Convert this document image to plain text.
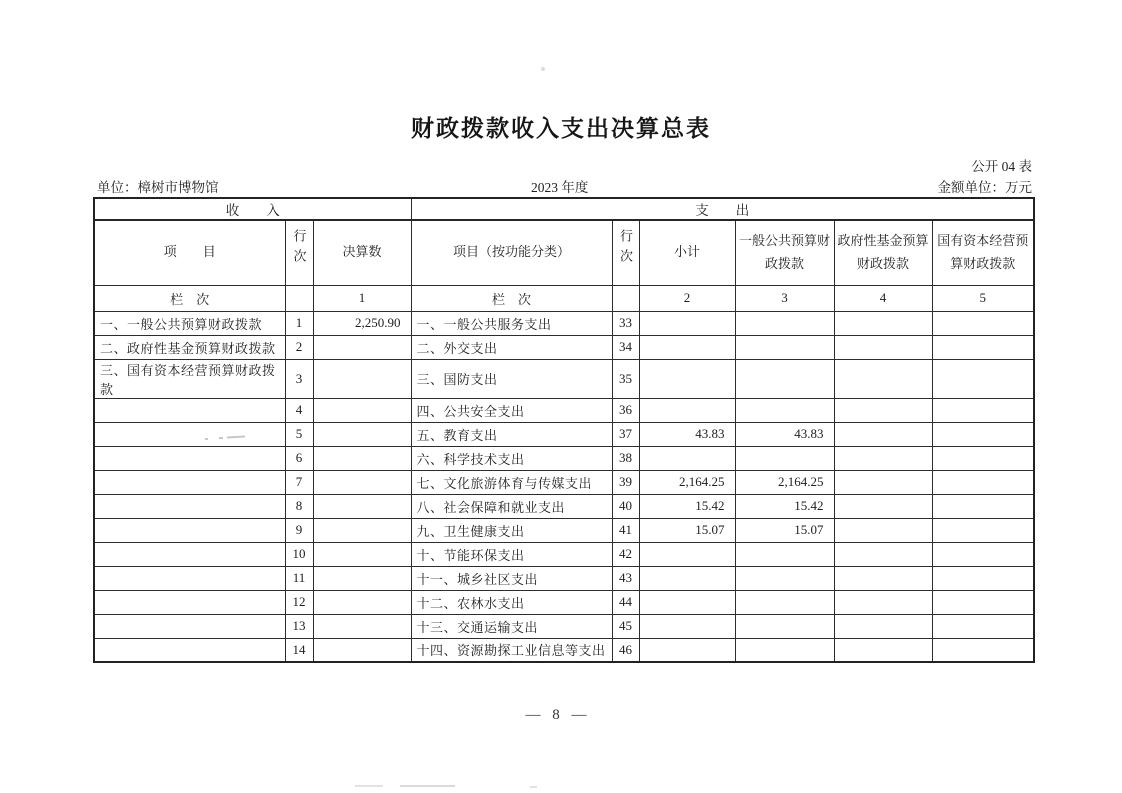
财政拨款收入支出决算总表
公开 04 表
单位：樟树市博物馆	2023 年度	金额单位：万元
收　　入			支　　出					
项　　目	行次	决算数	项目（按功能分类）	行次	小计	一般公共预算财政拨款	政府性基金预算财政拨款	国有资本经营预算财政拨款
栏　次		1	栏　次		2	3	4	5
一、一般公共预算财政拨款	1	2,250.90	一、一般公共服务支出	33				
二、政府性基金预算财政拨款	2		二、外交支出	34				
三、国有资本经营预算财政拨款	3		三、国防支出	35				
	4		四、公共安全支出	36				
	5		五、教育支出	37	43.83	43.83		
	6		六、科学技术支出	38				
	7		七、文化旅游体育与传媒支出	39	2,164.25	2,164.25		
	8		八、社会保障和就业支出	40	15.42	15.42		
	9		九、卫生健康支出	41	15.07	15.07		
	10		十、节能环保支出	42				
	11		十一、城乡社区支出	43				
	12		十二、农林水支出	44				
	13		十三、交通运输支出	45				
	14		十四、资源勘探工业信息等支出	46				
— 8 —
